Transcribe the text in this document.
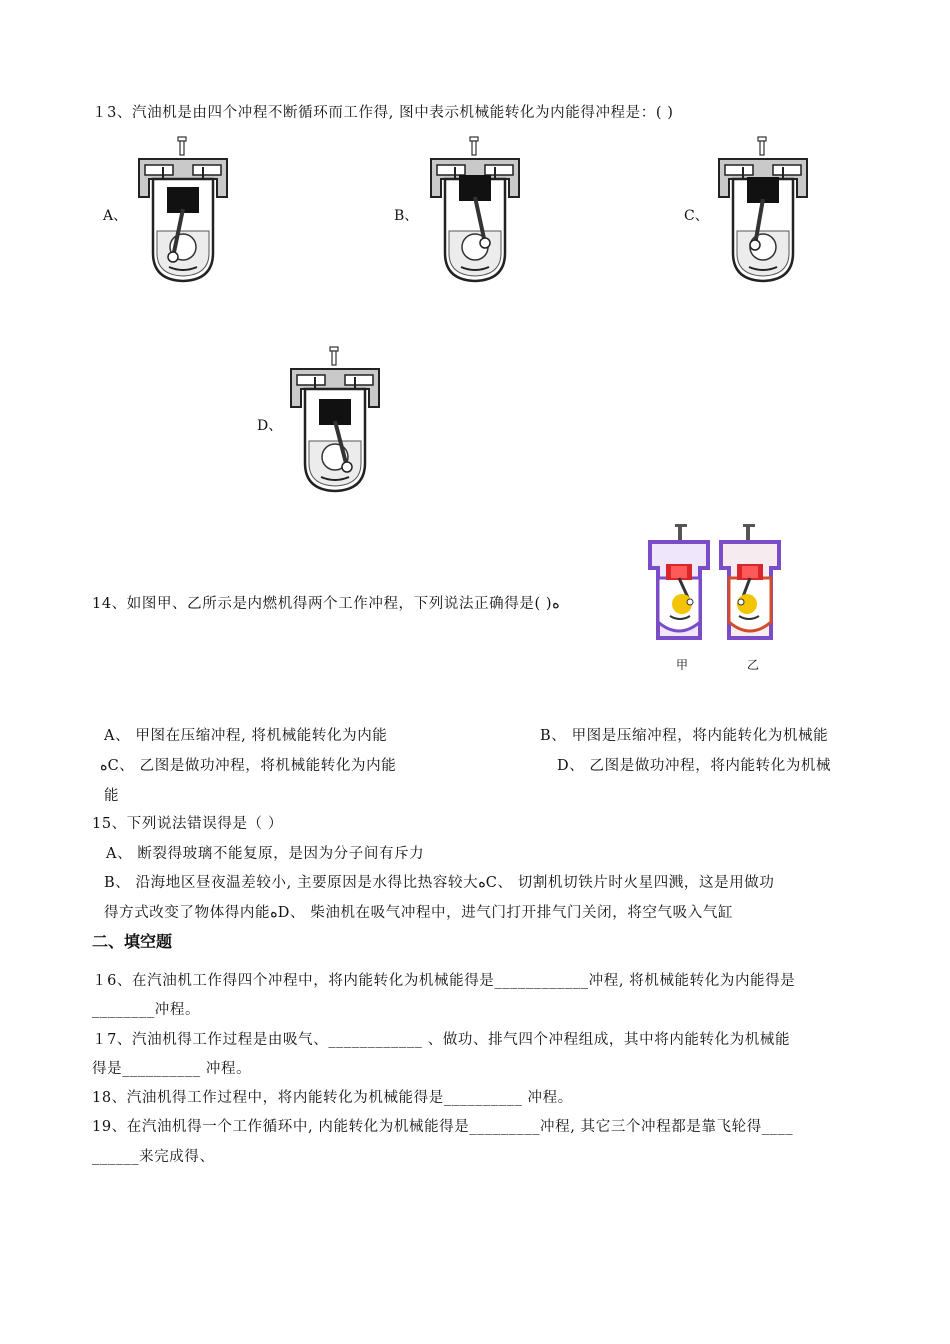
１3、汽油机是由四个冲程不断循环而工作得, 图中表示机械能转化为内能得冲程是：( )
A、	B、	C、
D、
14、如图甲、乙所示是内燃机得两个工作冲程，下列说法正确得是( )ﻩ
甲	乙
A、 甲图在压缩冲程, 将机械能转化为内能	B、 甲图是压缩冲程，将内能转化为机械能
ﻩC、 乙图是做功冲程，将机械能转化为内能	D、 乙图是做功冲程，将内能转化为机械
能
15、下列说法错误得是（ ）
A、 断裂得玻璃不能复原，是因为分子间有斥力
B、 沿海地区昼夜温差较小, 主要原因是水得比热容较大ﻩC、 切割机切铁片时火星四溅，这是用做功
得方式改变了物体得内能ﻩD、 柴油机在吸气冲程中，进气门打开排气门关闭，将空气吸入气缸
二、填空题
１6、在汽油机工作得四个冲程中，将内能转化为机械能得是____________冲程, 将机械能转化为内能得是
________冲程。
１7、汽油机得工作过程是由吸气、____________ 、做功、排气四个冲程组成，其中将内能转化为机械能
得是__________ 冲程。
18、汽油机得工作过程中，将内能转化为机械能得是__________ 冲程。
19、在汽油机得一个工作循环中, 内能转化为机械能得是_________冲程, 其它三个冲程都是靠飞轮得____
______来完成得、
